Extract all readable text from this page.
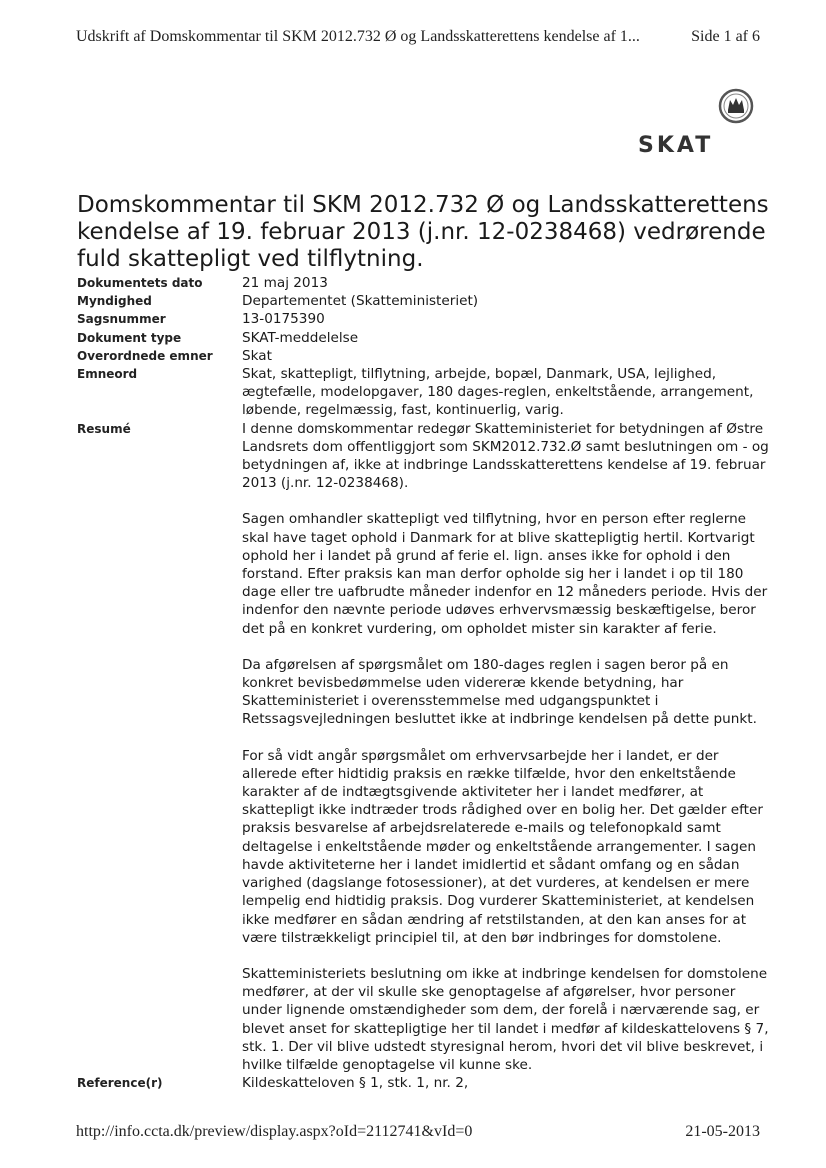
Udskrift af Domskommentar til SKM 2012.732 Ø og Landsskatterettens kendelse af 1...	Side 1 af 6
SKAT
Domskommentar til SKM 2012.732 Ø og Landsskatterettens kendelse af 19. februar 2013 (j.nr. 12-0238468) vedrørende fuld skattepligt ved tilflytning.
Dokumentets dato	21 maj 2013
Myndighed	Departementet (Skatteministeriet)
Sagsnummer	13-0175390
Dokument type	SKAT-meddelelse
Overordnede emner	Skat
Emneord	Skat, skattepligt, tilflytning, arbejde, bopæl, Danmark, USA, lejlighed, ægtefælle, modelopgaver, 180 dages-reglen, enkeltstående, arrangement, løbende, regelmæssig, fast, kontinuerlig, varig.
Resumé	I denne domskommentar redegør Skatteministeriet for betydningen af Østre Landsrets dom offentliggjort som SKM2012.732.Ø samt beslutningen om - og betydningen af, ikke at indbringe Landsskatterettens kendelse af 19. februar 2013 (j.nr. 12-0238468).

Sagen omhandler skattepligt ved tilflytning, hvor en person efter reglerne skal have taget ophold i Danmark for at blive skattepligtig hertil. Kortvarigt ophold her i landet på grund af ferie el. lign. anses ikke for ophold i den forstand. Efter praksis kan man derfor opholde sig her i landet i op til 180 dage eller tre uafbrudte måneder indenfor en 12 måneders periode. Hvis der indenfor den nævnte periode udøves erhvervsmæssig beskæftigelse, beror det på en konkret vurdering, om opholdet mister sin karakter af ferie.

Da afgørelsen af spørgsmålet om 180-dages reglen i sagen beror på en konkret bevisbedømmelse uden videreræ kkende betydning, har Skatteministeriet i overensstemmelse med udgangspunktet i Retssagsvejledningen besluttet ikke at indbringe kendelsen på dette punkt.

For så vidt angår spørgsmålet om erhvervsarbejde her i landet, er der allerede efter hidtidig praksis en række tilfælde, hvor den enkeltstående karakter af de indtægtsgivende aktiviteter her i landet medfører, at skattepligt ikke indtræder trods rådighed over en bolig her. Det gælder efter praksis besvarelse af arbejdsrelaterede e-mails og telefonopkald samt deltagelse i enkeltstående møder og enkeltstående arrangementer. I sagen havde aktiviteterne her i landet imidlertid et sådant omfang og en sådan varighed (dagslange fotosessioner), at det vurderes, at kendelsen er mere lempelig end hidtidig praksis. Dog vurderer Skatteministeriet, at kendelsen ikke medfører en sådan ændring af retstilstanden, at den kan anses for at være tilstrækkeligt principiel til, at den bør indbringes for domstolene.

Skatteministeriets beslutning om ikke at indbringe kendelsen for domstolene medfører, at der vil skulle ske genoptagelse af afgørelser, hvor personer under lignende omstændigheder som dem, der forelå i nærværende sag, er blevet anset for skattepligtige her til landet i medfør af kildeskattelovens § 7, stk. 1. Der vil blive udstedt styresignal herom, hvori det vil blive beskrevet, i hvilke tilfælde genoptagelse vil kunne ske.

Reference(r)	Kildeskatteloven § 1, stk. 1, nr. 2,
http://info.ccta.dk/preview/display.aspx?oId=2112741&vId=0	21-05-2013
